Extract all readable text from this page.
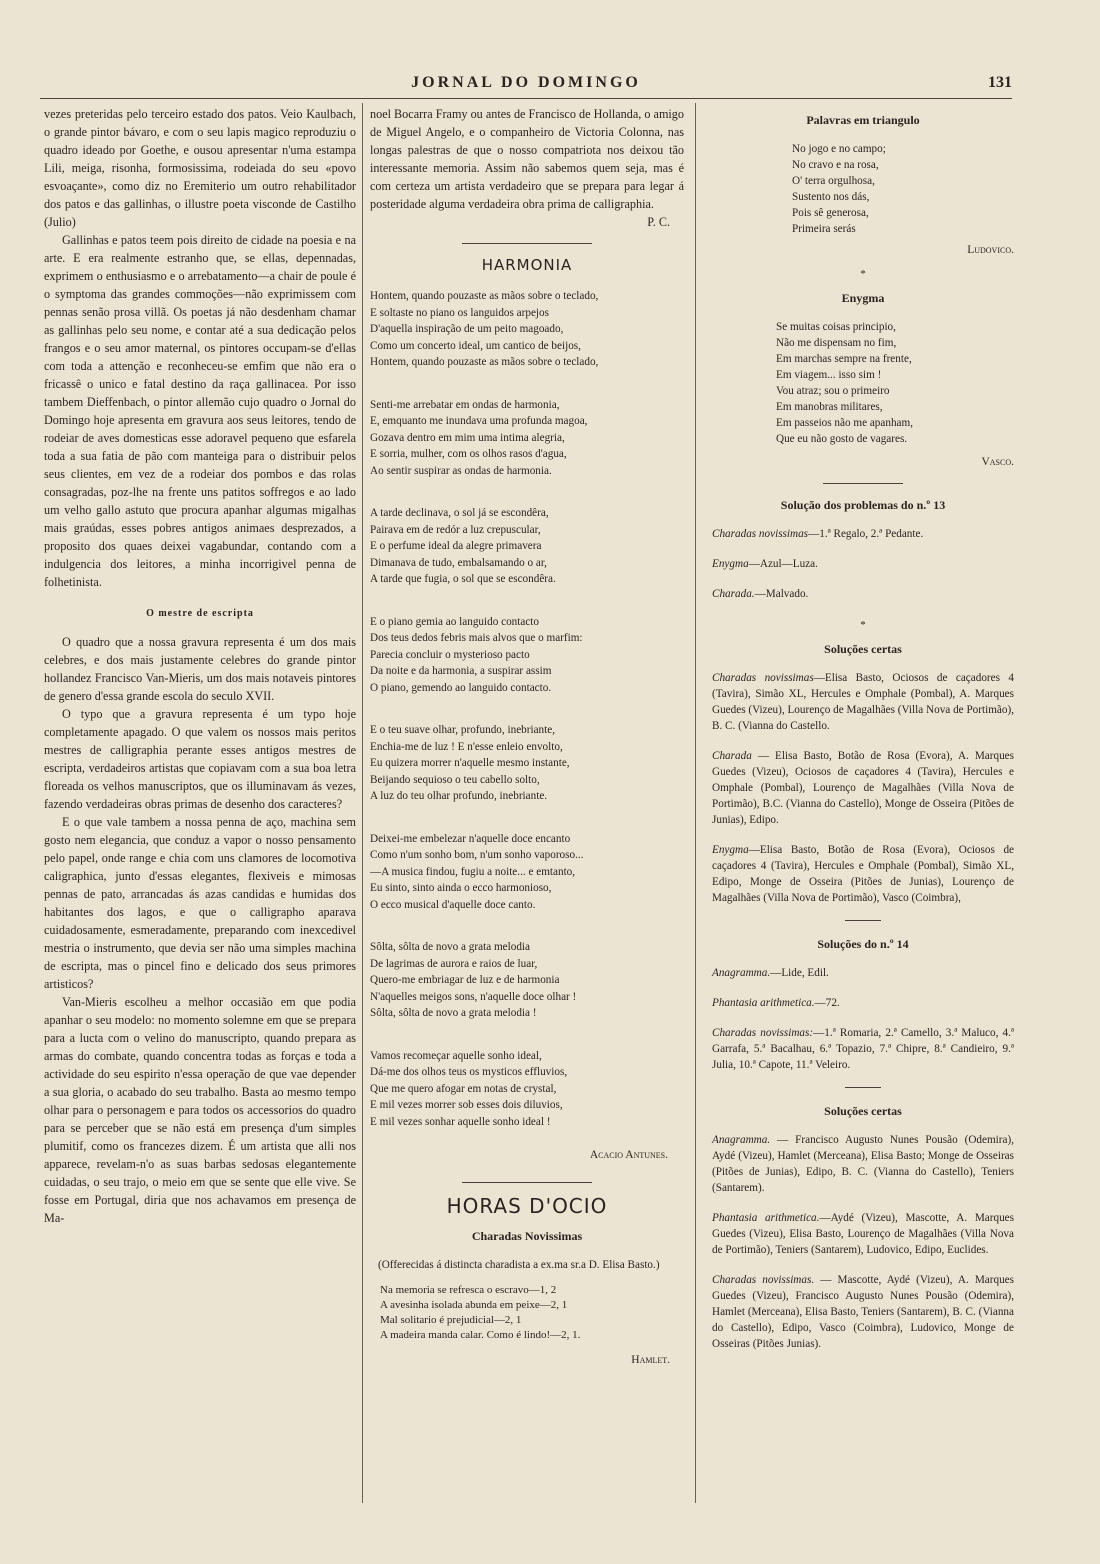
JORNAL DO DOMINGO	131

vezes preteridas pelo terceiro estado dos patos. Veio Kaulbach, o grande pintor bávaro, e com o seu lapis magico reproduziu o quadro ideado por Goethe, e ousou apresentar n'uma estampa Lili, meiga, risonha, formosissima, rodeiada do seu «povo esvoaçante», como diz no Eremiterio um outro rehabilitador dos patos e das gallinhas, o illustre poeta visconde de Castilho (Julio)

Gallinhas e patos teem pois direito de cidade na poesia e na arte. E era realmente estranho que, se ellas, depennadas, exprimem o enthusiasmo e o arrebatamento—a chair de poule é o symptoma das grandes commoções—não exprimissem com pennas senão prosa villã. Os poetas já não desdenham chamar as gallinhas pelo seu nome, e contar até a sua dedicação pelos frangos e o seu amor maternal, os pintores occupam-se d'ellas com toda a attenção e reconheceu-se emfim que não era o fricassê o unico e fatal destino da raça gallinacea. Por isso tambem Dieffenbach, o pintor allemão cujo quadro o Jornal do Domingo hoje apresenta em gravura aos seus leitores, tendo de rodeiar de aves domesticas esse adoravel pequeno que esfarela toda a sua fatia de pão com manteiga para o distribuir pelos seus clientes, em vez de a rodeiar dos pombos e das rolas consagradas, poz-lhe na frente uns patitos soffregos e ao lado um velho gallo astuto que procura apanhar algumas migalhas mais graúdas, esses pobres antigos animaes desprezados, a proposito dos quaes deixei vagabundar, contando com a indulgencia dos leitores, a minha incorrigivel penna de folhetinista.

O mestre de escripta

O quadro que a nossa gravura representa é um dos mais celebres, e dos mais justamente celebres do grande pintor hollandez Francisco Van-Mieris, um dos mais notaveis pintores de genero d'essa grande escola do seculo XVII.

O typo que a gravura representa é um typo hoje completamente apagado. O que valem os nossos mais peritos mestres de calligraphia perante esses antigos mestres de escripta, verdadeiros artistas que copiavam com a sua boa letra floreada os velhos manuscriptos, que os illuminavam ás vezes, fazendo verdadeiras obras primas de desenho dos caracteres?

E o que vale tambem a nossa penna de aço, machina sem gosto nem elegancia, que conduz a vapor o nosso pensamento pelo papel, onde range e chia com uns clamores de locomotiva caligraphica, junto d'essas elegantes, flexiveis e mimosas pennas de pato, arrancadas ás azas candidas e humidas dos habitantes dos lagos, e que o calligrapho aparava cuidadosamente, esmeradamente, preparando com inexcedivel mestria o instrumento, que devia ser não uma simples machina de escripta, mas o pincel fino e delicado dos seus primores artisticos?

Van-Mieris escolheu a melhor occasião em que podia apanhar o seu modelo: no momento solemne em que se prepara para a lucta com o velino do manuscripto, quando prepara as armas do combate, quando concentra todas as forças e toda a actividade do seu espirito n'essa operação de que vae depender a sua gloria, o acabado do seu trabalho. Basta ao mesmo tempo olhar para o personagem e para todos os accessorios do quadro para se perceber que se não está em presença d'um simples plumitif, como os francezes dizem. É um artista que alli nos apparece, revelam-n'o as suas barbas sedosas elegantemente cuidadas, o seu trajo, o meio em que se sente que elle vive. Se fosse em Portugal, diria que nos achavamos em presença de Ma-

noel Bocarra Framy ou antes de Francisco de Hollanda, o amigo de Miguel Angelo, e o companheiro de Victoria Colonna, nas longas palestras de que o nosso compatriota nos deixou tão interessante memoria. Assim não sabemos quem seja, mas é com certeza um artista verdadeiro que se prepara para legar á posteridade alguma verdadeira obra prima de calligraphia.

P. C.
HARMONIA
Hontem, quando pouzaste as mãos sobre o teclado,
E soltaste no piano os languidos arpejos
D'aquella inspiração de um peito magoado,
Como um concerto ideal, um cantico de beijos,
Hontem, quando pouzaste as mãos sobre o teclado,
Senti-me arrebatar em ondas de harmonia,
E, emquanto me inundava uma profunda magoa,
Gozava dentro em mim uma intima alegria,
E sorria, mulher, com os olhos rasos d'agua,
Ao sentir suspirar as ondas de harmonia.
A tarde declinava, o sol já se escondêra,
Pairava em de redór a luz crepuscular,
E o perfume ideal da alegre primavera
Dimanava de tudo, embalsamando o ar,
A tarde que fugia, o sol que se escondêra.
E o piano gemia ao languido contacto
Dos teus dedos febris mais alvos que o marfim:
Parecia concluir o mysterioso pacto
Da noite e da harmonia, a suspirar assim
O piano, gemendo ao languido contacto.
E o teu suave olhar, profundo, inebriante,
Enchia-me de luz ! E n'esse enleio envolto,
Eu quizera morrer n'aquelle mesmo instante,
Beijando sequioso o teu cabello solto,
A luz do teu olhar profundo, inebriante.
Deixei-me embelezar n'aquelle doce encanto
Como n'um sonho bom, n'um sonho vaporoso...
—A musica findou, fugiu a noite... e emtanto,
Eu sinto, sinto ainda o ecco harmonioso,
O ecco musical d'aquelle doce canto.
Sôlta, sôlta de novo a grata melodia
De lagrimas de aurora e raios de luar,
Quero-me embriagar de luz e de harmonia
N'aquelles meigos sons, n'aquelle doce olhar !
Sôlta, sôlta de novo a grata melodia !
Vamos recomeçar aquelle sonho ideal,
Dá-me dos olhos teus os mysticos effluvios,
Que me quero afogar em notas de crystal,
E mil vezes morrer sob esses dois diluvios,
E mil vezes sonhar aquelle sonho ideal !
Acacio Antunes.
HORAS D'OCIO
Charadas Novissimas

(Offerecidas á distincta charadista a ex.ma sr.a D. Elisa Basto.)

Na memoria se refresca o escravo—1, 2
A avesinha isolada abunda em peixe—2, 1
Mal solitario é prejudicial—2, 1
A madeira manda calar. Como é lindo!—2, 1.
Hamlet.
Palavras em triangulo
No jogo e no campo;
No cravo e na rosa,
O' terra orgulhosa,
Sustento nos dás,
Pois sê generosa,
Primeira serás
Ludovico.
*
Enygma
Se muitas coisas principio,
Não me dispensam no fim,
Em marchas sempre na frente,
Em viagem... isso sim !
Vou atraz; sou o primeiro
Em manobras militares,
Em passeios não me apanham,
Que eu não gosto de vagares.
Vasco.
Solução dos problemas do n.º 13

Charadas novissimas—1.ª Regalo, 2.ª Pedante.

Enygma—Azul—Luza.

Charada.—Malvado.

*
Soluções certas

Charadas novissimas—Elisa Basto, Ociosos de caçadores 4 (Tavira), Simão XL, Hercules e Omphale (Pombal), A. Marques Guedes (Vizeu), Lourenço de Magalhães (Villa Nova de Portimão), B. C. (Vianna do Castello.

Charada — Elisa Basto, Botão de Rosa (Evora), A. Marques Guedes (Vizeu), Ociosos de caçadores 4 (Tavira), Hercules e Omphale (Pombal), Lourenço de Magalhães (Villa Nova de Portimão), B.C. (Vianna do Castello), Monge de Osseira (Pitões de Junias), Edipo.

Enygma—Elisa Basto, Botão de Rosa (Evora), Ociosos de caçadores 4 (Tavira), Hercules e Omphale (Pombal), Simão XL, Edipo, Monge de Osseira (Pitões de Junias), Lourenço de Magalhães (Villa Nova de Portimão), Vasco (Coimbra),

Soluções do n.º 14

Anagramma.—Lide, Edil.

Phantasia arithmetica.—72.

Charadas novissimas:—1.ª Romaria, 2.ª Camello, 3.ª Maluco, 4.ª Garrafa, 5.ª Bacalhau, 6.ª Topazio, 7.ª Chipre, 8.ª Candieiro, 9.ª Julia, 10.ª Capote, 11.ª Veleiro.

Soluções certas

Anagramma. — Francisco Augusto Nunes Pousão (Odemira), Aydé (Vizeu), Hamlet (Merceana), Elisa Basto; Monge de Osseiras (Pitões de Junias), Edipo, B. C. (Vianna do Castello), Teniers (Santarem).

Phantasia arithmetica.—Aydé (Vizeu), Mascotte, A. Marques Guedes (Vizeu), Elisa Basto, Lourenço de Magalhães (Villa Nova de Portimão), Teniers (Santarem), Ludovico, Edipo, Euclides.

Charadas novissimas. — Mascotte, Aydé (Vizeu), A. Marques Guedes (Vizeu), Francisco Augusto Nunes Pousão (Odemira), Hamlet (Merceana), Elisa Basto, Teniers (Santarem), B. C. (Vianna do Castello), Edipo, Vasco (Coimbra), Ludovico, Monge de Osseiras (Pitões Junias).
